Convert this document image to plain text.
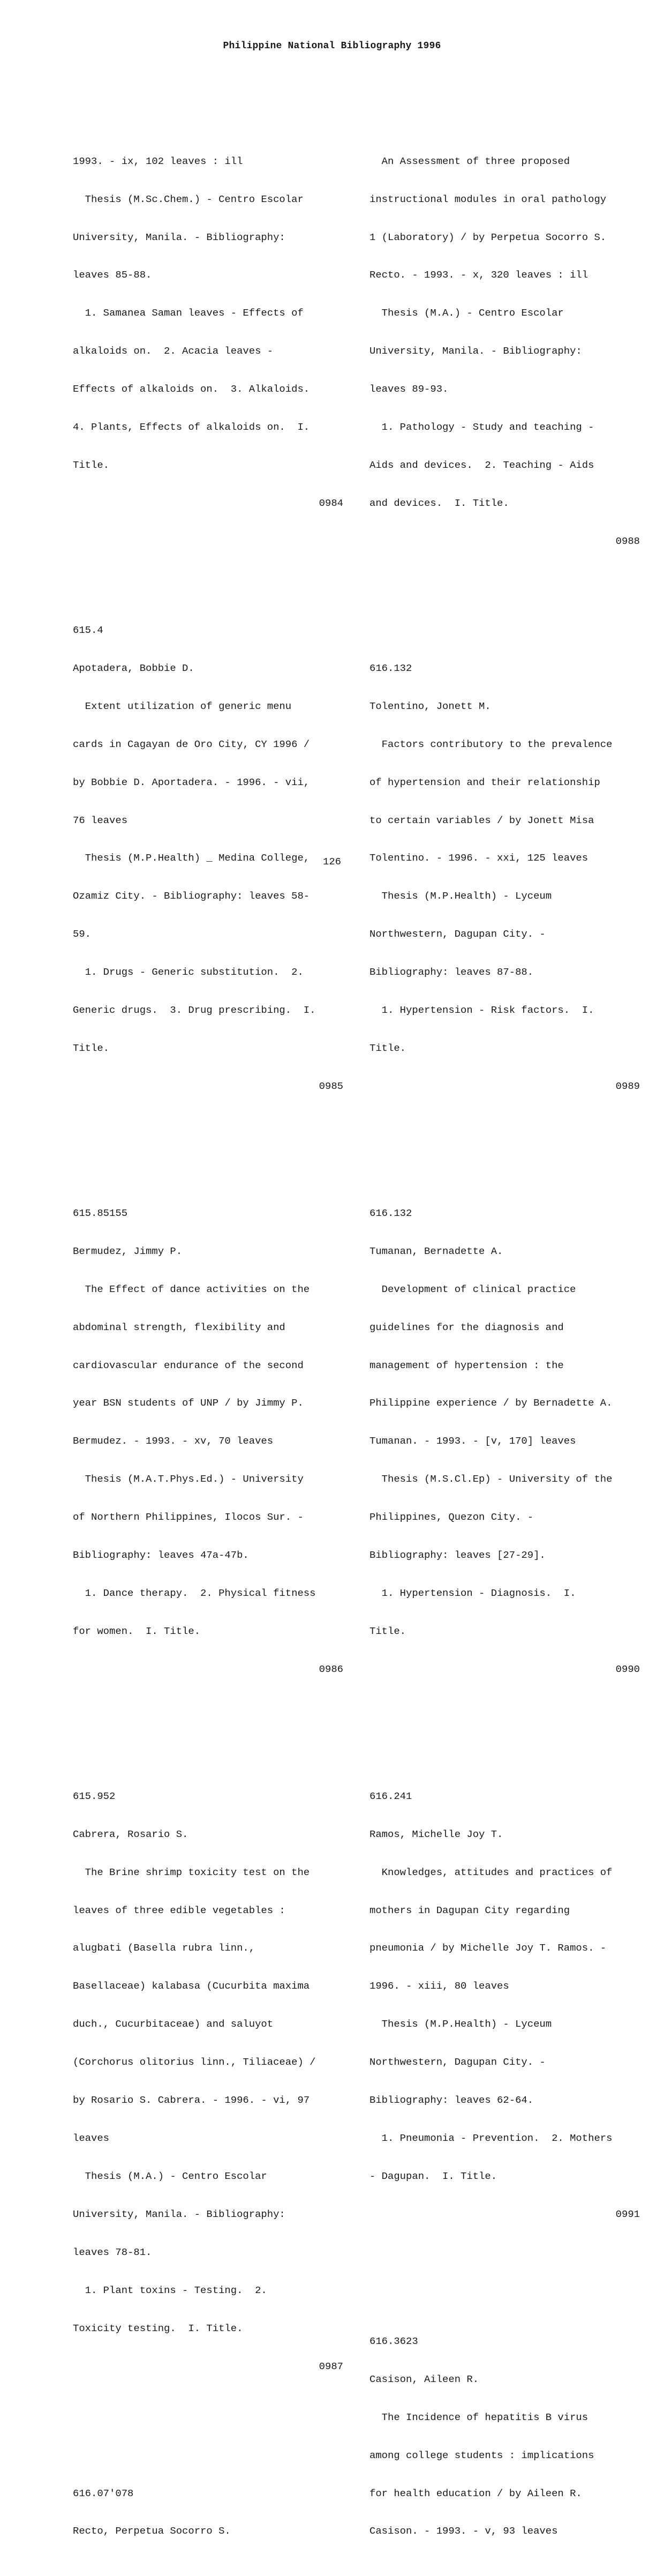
Philippine National Bibliography 1996

1993. - ix, 102 leaves : ill

Thesis (M.Sc.Chem.) - Centro Escolar

University, Manila. - Bibliography:

leaves 85-88.

1. Samanea Saman leaves - Effects of

alkaloids on.  2. Acacia leaves -

Effects of alkaloids on.  3. Alkaloids.

4. Plants, Effects of alkaloids on.  I.

Title.

0984

615.4

Apotadera, Bobbie D.

Extent utilization of generic menu

cards in Cagayan de Oro City, CY 1996 /

by Bobbie D. Aportadera. - 1996. - vii,

76 leaves

Thesis (M.P.Health) _ Medina College,

Ozamiz City. - Bibliography: leaves 58-

59.

1. Drugs - Generic substitution.  2.

Generic drugs.  3. Drug prescribing.  I.

Title.

0985

615.85155

Bermudez, Jimmy P.

The Effect of dance activities on the

abdominal strength, flexibility and

cardiovascular endurance of the second

year BSN students of UNP / by Jimmy P.

Bermudez. - 1993. - xv, 70 leaves

Thesis (M.A.T.Phys.Ed.) - University

of Northern Philippines, Ilocos Sur. -

Bibliography: leaves 47a-47b.

1. Dance therapy.  2. Physical fitness

for women.  I. Title.

0986

615.952

Cabrera, Rosario S.

The Brine shrimp toxicity test on the

leaves of three edible vegetables :

alugbati (Basella rubra linn.,

Basellaceae) kalabasa (Cucurbita maxima

duch., Cucurbitaceae) and saluyot

(Corchorus olitorius linn., Tiliaceae) /

by Rosario S. Cabrera. - 1996. - vi, 97

leaves

Thesis (M.A.) - Centro Escolar

University, Manila. - Bibliography:

leaves 78-81.

1. Plant toxins - Testing.  2.

Toxicity testing.  I. Title.

0987

616.07'078

Recto, Perpetua Socorro S.

An Assessment of three proposed

instructional modules in oral pathology

1 (Laboratory) / by Perpetua Socorro S.

Recto. - 1993. - x, 320 leaves : ill

Thesis (M.A.) - Centro Escolar

University, Manila. - Bibliography:

leaves 89-93.

1. Pathology - Study and teaching -

Aids and devices.  2. Teaching - Aids

and devices.  I. Title.

0988

616.132

Tolentino, Jonett M.

Factors contributory to the prevalence

of hypertension and their relationship

to certain variables / by Jonett Misa

Tolentino. - 1996. - xxi, 125 leaves

Thesis (M.P.Health) - Lyceum

Northwestern, Dagupan City. -

Bibliography: leaves 87-88.

1. Hypertension - Risk factors.  I.

Title.

0989

616.132

Tumanan, Bernadette A.

Development of clinical practice

guidelines for the diagnosis and

management of hypertension : the

Philippine experience / by Bernadette A.

Tumanan. - 1993. - [v, 170] leaves

Thesis (M.S.Cl.Ep) - University of the

Philippines, Quezon City. -

Bibliography: leaves [27-29].

1. Hypertension - Diagnosis.  I.

Title.

0990

616.241

Ramos, Michelle Joy T.

Knowledges, attitudes and practices of

mothers in Dagupan City regarding

pneumonia / by Michelle Joy T. Ramos. -

1996. - xiii, 80 leaves

Thesis (M.P.Health) - Lyceum

Northwestern, Dagupan City. -

Bibliography: leaves 62-64.

1. Pneumonia - Prevention.  2. Mothers

- Dagupan.  I. Title.

0991

616.3623

Casison, Aileen R.

The Incidence of hepatitis B virus

among college students : implications

for health education / by Aileen R.

Casison. - 1993. - v, 93 leaves

126
